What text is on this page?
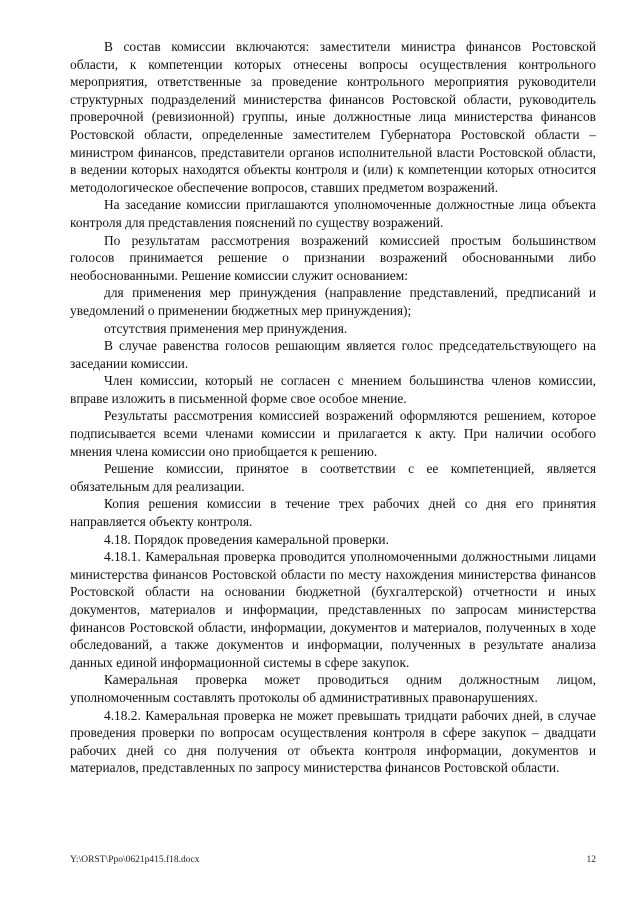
В состав комиссии включаются: заместители министра финансов Ростовской области, к компетенции которых отнесены вопросы осуществления контрольного мероприятия, ответственные за проведение контрольного мероприятия руководители структурных подразделений министерства финансов Ростовской области, руководитель проверочной (ревизионной) группы, иные должностные лица министерства финансов Ростовской области, определенные заместителем Губернатора Ростовской области – министром финансов, представители органов исполнительной власти Ростовской области, в ведении которых находятся объекты контроля и (или) к компетенции которых относится методологическое обеспечение вопросов, ставших предметом возражений.

На заседание комиссии приглашаются уполномоченные должностные лица объекта контроля для представления пояснений по существу возражений.

По результатам рассмотрения возражений комиссией простым большинством голосов принимается решение о признании возражений обоснованными либо необоснованными. Решение комиссии служит основанием:

для применения мер принуждения (направление представлений, предписаний и уведомлений о применении бюджетных мер принуждения);

отсутствия применения мер принуждения.

В случае равенства голосов решающим является голос председательствующего на заседании комиссии.

Член комиссии, который не согласен с мнением большинства членов комиссии, вправе изложить в письменной форме свое особое мнение.

Результаты рассмотрения комиссией возражений оформляются решением, которое подписывается всеми членами комиссии и прилагается к акту. При наличии особого мнения члена комиссии оно приобщается к решению.

Решение комиссии, принятое в соответствии с ее компетенцией, является обязательным для реализации.

Копия решения комиссии в течение трех рабочих дней со дня его принятия направляется объекту контроля.

4.18. Порядок проведения камеральной проверки.

4.18.1. Камеральная проверка проводится уполномоченными должностными лицами министерства финансов Ростовской области по месту нахождения министерства финансов Ростовской области на основании бюджетной (бухгалтерской) отчетности и иных документов, материалов и информации, представленных по запросам министерства финансов Ростовской области, информации, документов и материалов, полученных в ходе обследований, а также документов и информации, полученных в результате анализа данных единой информационной системы в сфере закупок.

Камеральная проверка может проводиться одним должностным лицом, уполномоченным составлять протоколы об административных правонарушениях.

4.18.2. Камеральная проверка не может превышать тридцати рабочих дней, в случае проведения проверки по вопросам осуществления контроля в сфере закупок – двадцати рабочих дней со дня получения от объекта контроля информации, документов и материалов, представленных по запросу министерства финансов Ростовской области.

Y:\ORST\Ppo\0621p415.f18.docx	12
